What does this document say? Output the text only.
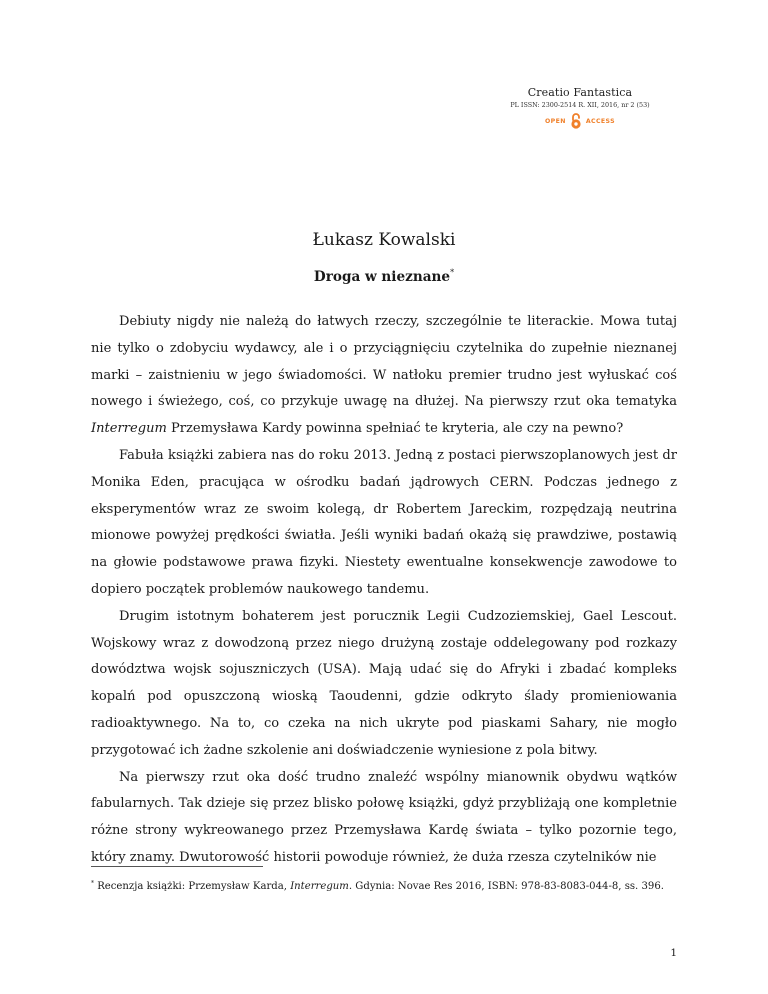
Creatio Fantastica
PL ISSN: 2300-2514 R. XII, 2016, nr 2 (53)
OPEN	ACCESS
Łukasz Kowalski
Droga w nieznane*

Debiuty nigdy nie należą do łatwych rzeczy, szczególnie te literackie. Mowa tutaj nie tylko o zdobyciu wydawcy, ale i o przyciągnięciu czytelnika do zupełnie nieznanej marki – zaistnieniu w jego świadomości. W natłoku premier trudno jest wyłuskać coś nowego i świeżego, coś, co przykuje uwagę na dłużej. Na pierwszy rzut oka tematyka Interregum Przemysława Kardy powinna spełniać te kryteria, ale czy na pewno?

Fabuła książki zabiera nas do roku 2013. Jedną z postaci pierwszoplanowych jest dr Monika Eden, pracująca w ośrodku badań jądrowych CERN. Podczas jednego z eksperymentów wraz ze swoim kolegą, dr Robertem Jareckim, rozpędzają neutrina mionowe powyżej prędkości światła. Jeśli wyniki badań okażą się prawdziwe, postawią na głowie podstawowe prawa fizyki. Niestety ewentualne konsekwencje zawodowe to dopiero początek problemów naukowego tandemu.

Drugim istotnym bohaterem jest porucznik Legii Cudzoziemskiej, Gael Lescout. Wojskowy wraz z dowodzoną przez niego drużyną zostaje oddelegowany pod rozkazy dowództwa wojsk sojuszniczych (USA). Mają udać się do Afryki i zbadać kompleks kopalń pod opuszczoną wioską Taoudenni, gdzie odkryto ślady promieniowania radioaktywnego. Na to, co czeka na nich ukryte pod piaskami Sahary, nie mogło przygotować ich żadne szkolenie ani doświadczenie wyniesione z pola bitwy.

Na pierwszy rzut oka dość trudno znaleźć wspólny mianownik obydwu wątków fabularnych. Tak dzieje się przez blisko połowę książki, gdyż przybliżają one kompletnie różne strony wykreowanego przez Przemysława Kardę świata – tylko pozornie tego, który znamy. Dwutorowość historii powoduje również, że duża rzesza czytelników nie

* Recenzja książki: Przemysław Karda, Interregum. Gdynia: Novae Res 2016, ISBN: 978-83-8083-044-8, ss. 396.
1
